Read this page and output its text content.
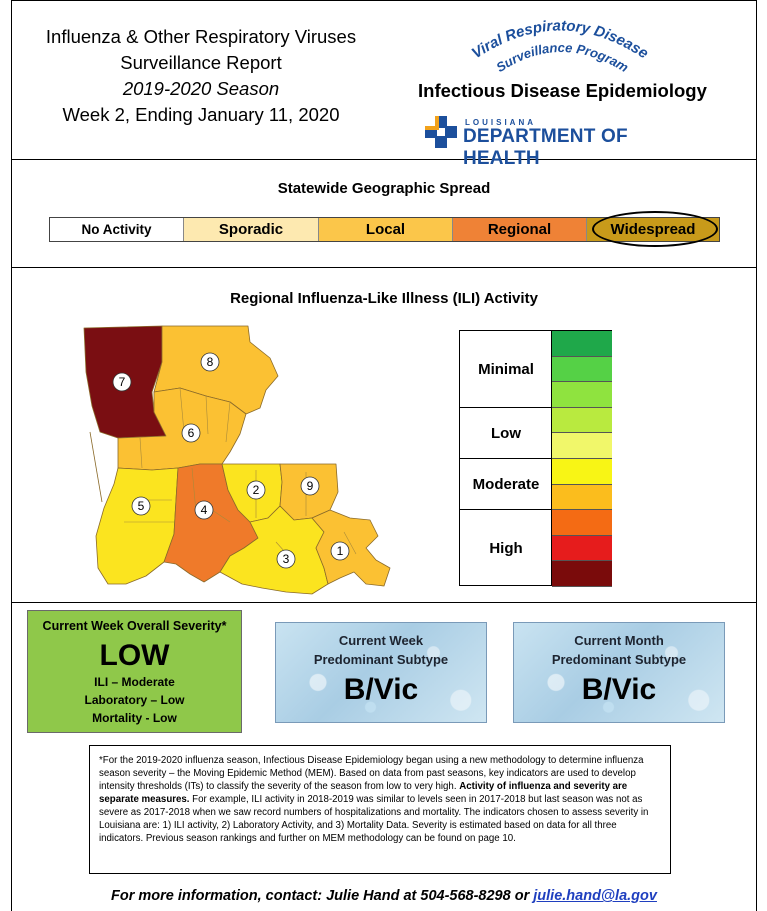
Influenza & Other Respiratory Viruses
Surveillance Report
2019-2020 Season
Week 2, Ending January 11, 2020
Viral Respiratory Disease
Surveillance Program
Infectious Disease Epidemiology
LOUISIANA
DEPARTMENT OF HEALTH
Statewide Geographic Spread
No Activity	Sporadic	Local	Regional	Widespread
Regional Influenza-Like Illness (ILI) Activity
7
8
6
5	4
2	9
3
1
Minimal
Low
Moderate
High
Current Week Overall Severity*
LOW
ILI – Moderate
Laboratory – Low
Mortality - Low
Current Week
Predominant Subtype
B/Vic
Current Month
Predominant Subtype
B/Vic
*For the 2019-2020 influenza season, Infectious Disease Epidemiology began using a new methodology to determine influenza season severity – the Moving Epidemic Method (MEM). Based on data from past seasons, key indicators are used to develop intensity thresholds (ITs) to classify the severity of the season from low to very high. Activity of influenza and severity are separate measures. For example, ILI activity in 2018-2019 was similar to levels seen in 2017-2018 but last season was not as severe as 2017-2018 when we saw record numbers of hospitalizations and mortality. The indicators chosen to assess severity in Louisiana are: 1) ILI activity, 2) Laboratory Activity, and 3) Mortality Data. Severity is estimated based on data for all three indicators. Previous season rankings and further on MEM methodology can be found on page 10.
For more information, contact: Julie Hand at 504-568-8298 or julie.hand@la.gov
